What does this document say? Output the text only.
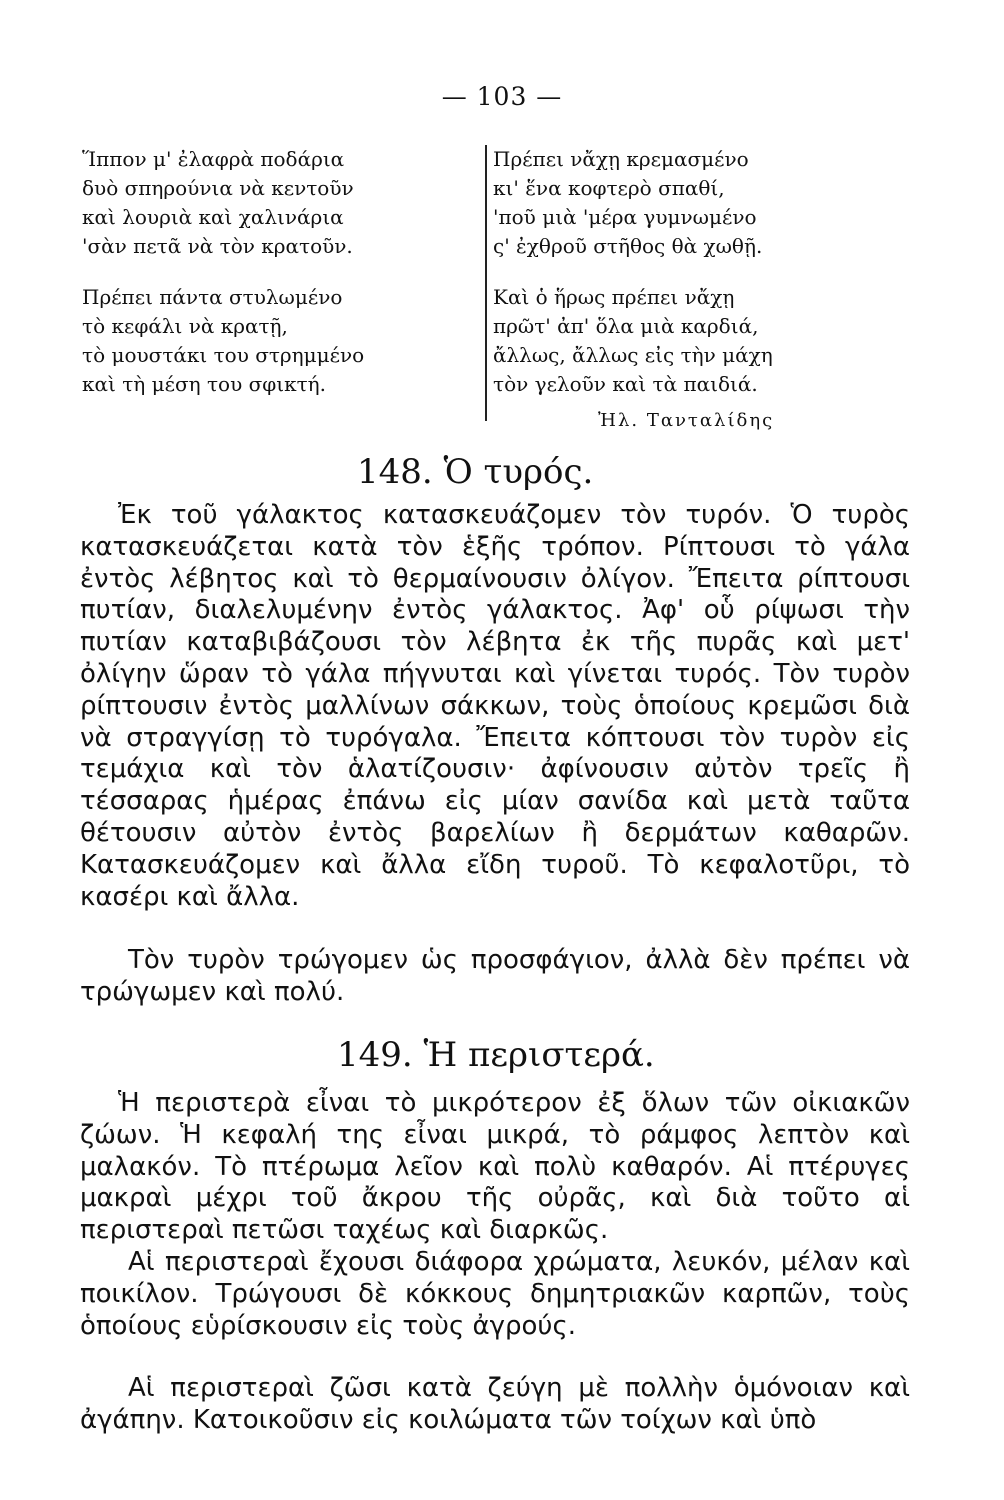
— 103 —
Ἵππον μ' ἐλαφρὰ ποδάρια
δυὸ σπηρούνια νὰ κεντοῦν
καὶ λουριὰ καὶ χαλινάρια
'σὰν πετᾶ νὰ τὸν κρατοῦν.
Πρέπει πάντα στυλωμένο
τὸ κεφάλι νὰ κρατῇ,
τὸ μουστάκι του στρημμένο
καὶ τὴ μέση του σφικτή.
Πρέπει νἄχῃ κρεμασμένο
κι' ἕνα κοφτερὸ σπαθί,
'ποῦ μιὰ 'μέρα γυμνωμένο
ς' ἐχθροῦ στῆθος θὰ χωθῇ.
Καὶ ὁ ἥρως πρέπει νἄχῃ
πρῶτ' ἀπ' ὅλα μιὰ καρδιά,
ἄλλως, ἄλλως εἰς τὴν μάχη
τὸν γελοῦν καὶ τὰ παιδιά.
Ἠλ. Τανταλίδης
148. Ὁ τυρός.
Ἐκ τοῦ γάλακτος κατασκευάζομεν τὸν τυρόν. Ὁ τυρὸς κατασκευάζεται κατὰ τὸν ἑξῆς τρόπον. Ρίπτουσι τὸ γάλα ἐντὸς λέβητος καὶ τὸ θερμαίνουσιν ὀλίγον. Ἔπειτα ρίπτουσι πυτίαν, διαλελυμένην ἐντὸς γάλακτος. Ἀφ' οὗ ρίψωσι τὴν πυτίαν καταβιβάζουσι τὸν λέβητα ἐκ τῆς πυρᾶς καὶ μετ' ὀλίγην ὥραν τὸ γάλα πήγνυται καὶ γίνεται τυρός. Τὸν τυρὸν ρίπτουσιν ἐντὸς μαλλίνων σάκκων, τοὺς ὁποίους κρεμῶσι διὰ νὰ στραγγίσῃ τὸ τυρόγαλα. Ἔπειτα κόπτουσι τὸν τυρὸν εἰς τεμάχια καὶ τὸν ἁλατίζουσιν· ἀφίνουσιν αὐτὸν τρεῖς ἢ τέσσαρας ἡμέρας ἐπάνω εἰς μίαν σανίδα καὶ μετὰ ταῦτα θέτουσιν αὐτὸν ἐντὸς βαρελίων ἢ δερμάτων καθαρῶν. Κατασκευάζομεν καὶ ἄλλα εἴδη τυροῦ. Τὸ κεφαλοτῦρι, τὸ κασέρι καὶ ἄλλα.
Τὸν τυρὸν τρώγομεν ὡς προσφάγιον, ἀλλὰ δὲν πρέπει νὰ τρώγωμεν καὶ πολύ.
149. Ἡ περιστερά.
Ἡ περιστερὰ εἶναι τὸ μικρότερον ἐξ ὅλων τῶν οἰκιακῶν ζώων. Ἡ κεφαλή της εἶναι μικρά, τὸ ράμφος λεπτὸν καὶ μαλακόν. Τὸ πτέρωμα λεῖον καὶ πολὺ καθαρόν. Αἱ πτέρυγες μακραὶ μέχρι τοῦ ἄκρου τῆς οὐρᾶς, καὶ διὰ τοῦτο αἱ περιστεραὶ πετῶσι ταχέως καὶ διαρκῶς.
Αἱ περιστεραὶ ἔχουσι διάφορα χρώματα, λευκόν, μέλαν καὶ ποικίλον. Τρώγουσι δὲ κόκκους δημητριακῶν καρπῶν, τοὺς ὁποίους εὑρίσκουσιν εἰς τοὺς ἀγρούς.
Αἱ περιστεραὶ ζῶσι κατὰ ζεύγη μὲ πολλὴν ὁμόνοιαν καὶ ἀγάπην. Κατοικοῦσιν εἰς κοιλώματα τῶν τοίχων καὶ ὑπὸ
